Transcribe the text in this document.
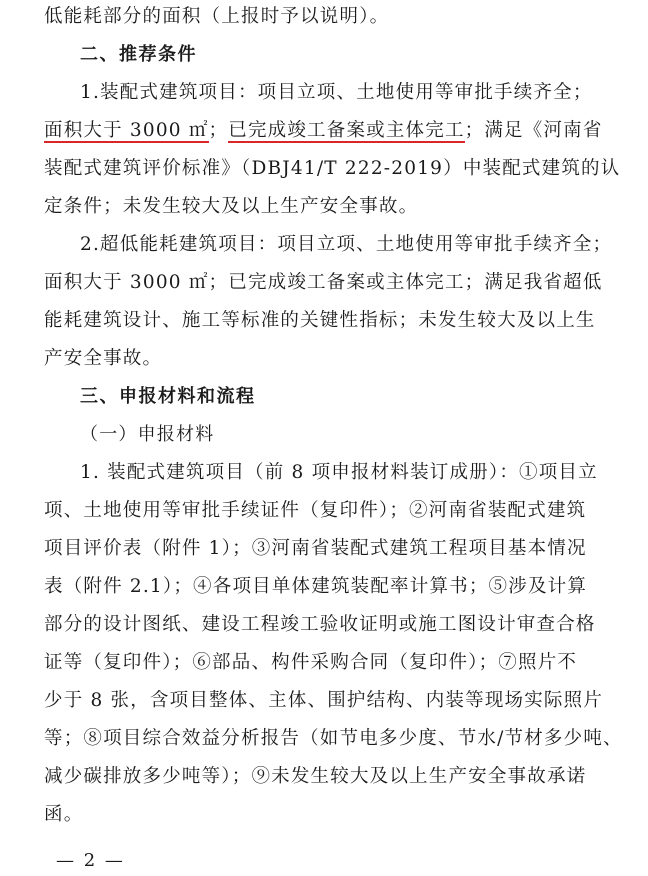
低能耗部分的面积（上报时予以说明）。
二、推荐条件
1.装配式建筑项目：项目立项、土地使用等审批手续齐全；
面积大于 3000 ㎡；已完成竣工备案或主体完工；满足《河南省
装配式建筑评价标准》（DBJ41/T 222-2019）中装配式建筑的认
定条件；未发生较大及以上生产安全事故。
2.超低能耗建筑项目：项目立项、土地使用等审批手续齐全；
面积大于 3000 ㎡；已完成竣工备案或主体完工；满足我省超低
能耗建筑设计、施工等标准的关键性指标；未发生较大及以上生
产安全事故。
三、申报材料和流程
（一）申报材料
1. 装配式建筑项目（前 8 项申报材料装订成册）：①项目立
项、土地使用等审批手续证件（复印件）；②河南省装配式建筑
项目评价表（附件 1）；③河南省装配式建筑工程项目基本情况
表（附件 2.1）；④各项目单体建筑装配率计算书；⑤涉及计算
部分的设计图纸、建设工程竣工验收证明或施工图设计审查合格
证等（复印件）；⑥部品、构件采购合同（复印件）；⑦照片不
少于 8 张，含项目整体、主体、围护结构、内装等现场实际照片
等；⑧项目综合效益分析报告（如节电多少度、节水/节材多少吨、
减少碳排放多少吨等）；⑨未发生较大及以上生产安全事故承诺
函。
— 2 —
